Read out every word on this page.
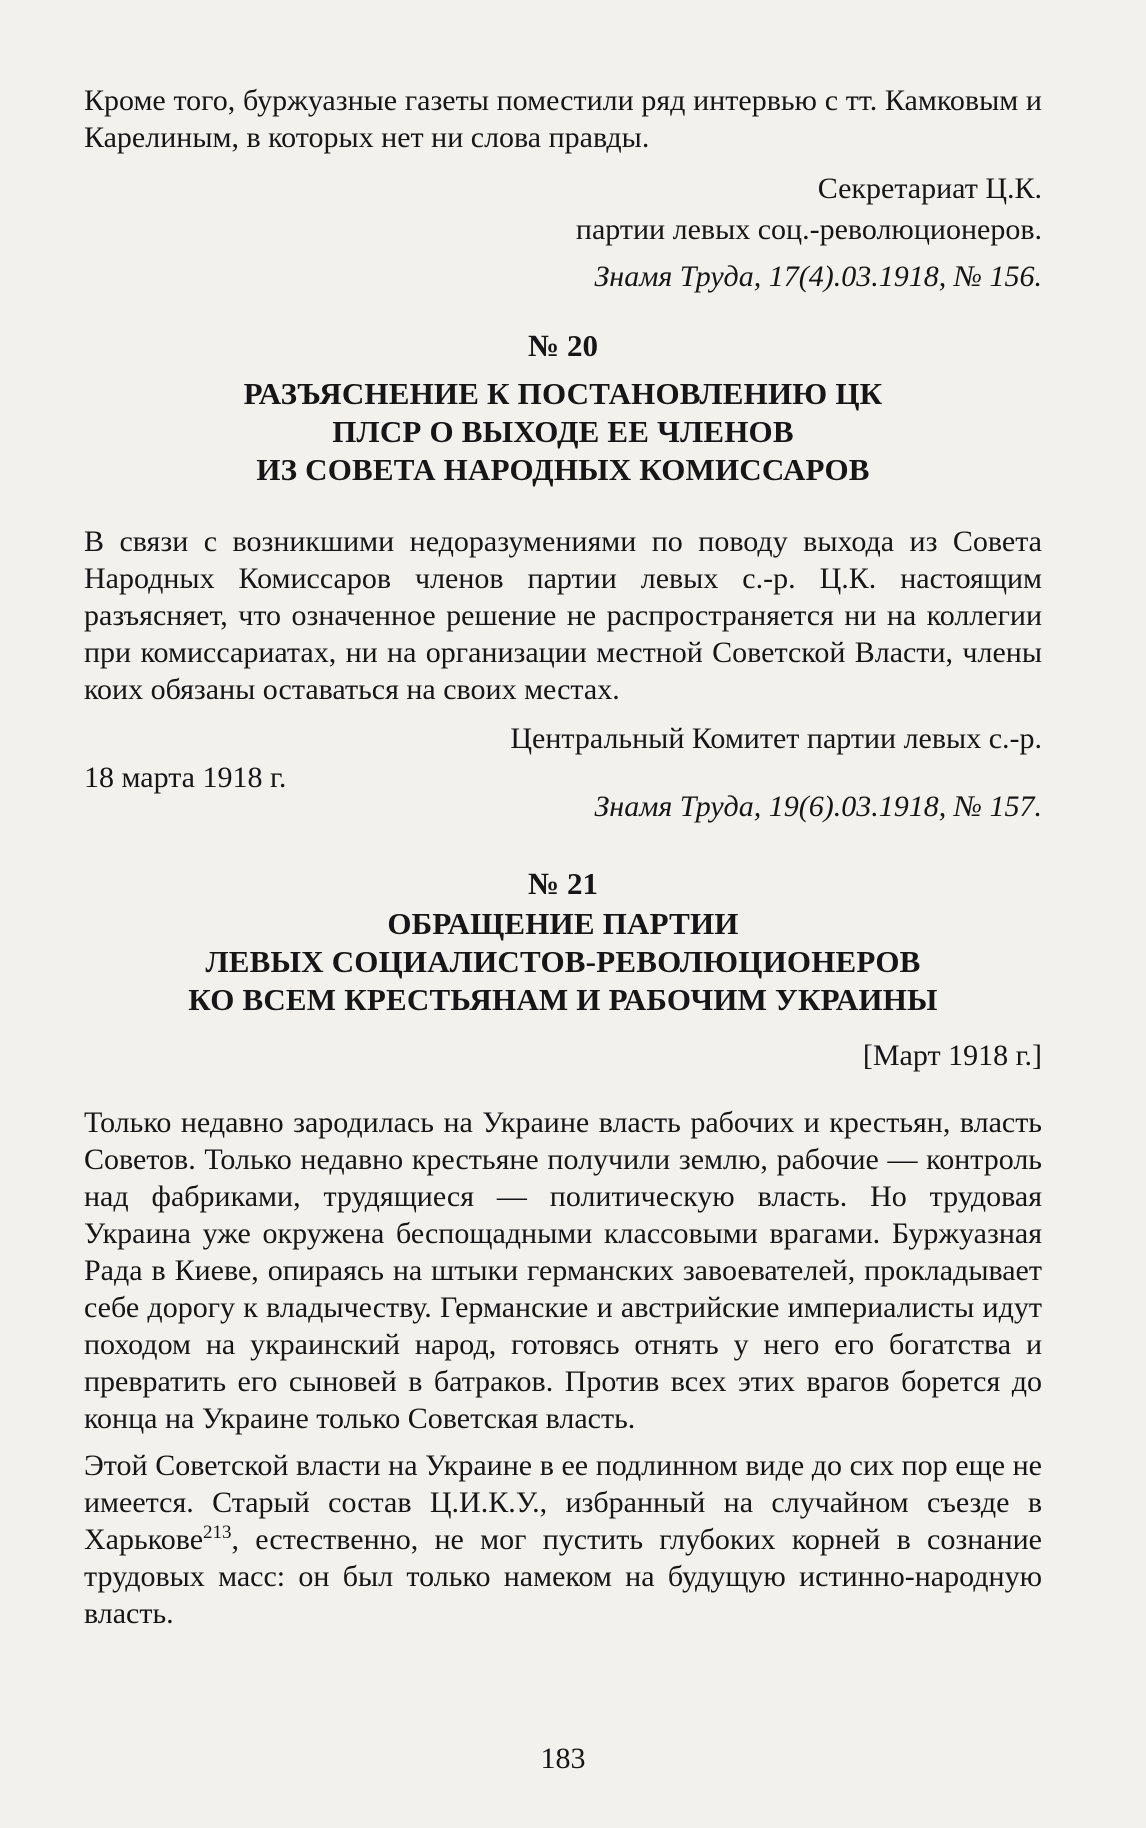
Кроме того, буржуазные газеты поместили ряд интервью с тт. Камковым и Карелиным, в которых нет ни слова правды.

Секретариат Ц.К.

партии левых соц.-революционеров.

Знамя Труда, 17(4).03.1918, № 156.

№ 20

РАЗЪЯСНЕНИЕ К ПОСТАНОВЛЕНИЮ ЦК
ПЛСР О ВЫХОДЕ ЕЕ ЧЛЕНОВ
ИЗ СОВЕТА НАРОДНЫХ КОМИССАРОВ

В связи с возникшими недоразумениями по поводу выхода из Совета Народных Комиссаров членов партии левых с.-р. Ц.К. настоящим разъясняет, что означенное решение не распространяется ни на коллегии при комиссариатах, ни на организации местной Советской Власти, члены коих обязаны оставаться на своих местах.

Центральный Комитет партии левых с.-р.

18 марта 1918 г.

Знамя Труда, 19(6).03.1918, № 157.

№ 21

ОБРАЩЕНИЕ ПАРТИИ
ЛЕВЫХ СОЦИАЛИСТОВ-РЕВОЛЮЦИОНЕРОВ
КО ВСЕМ КРЕСТЬЯНАМ И РАБОЧИМ УКРАИНЫ

[Март 1918 г.]

Только недавно зародилась на Украине власть рабочих и крестьян, власть Советов. Только недавно крестьяне получили землю, рабочие — контроль над фабриками, трудящиеся — политическую власть. Но трудовая Украина уже окружена беспощадными классовыми врагами. Буржуазная Рада в Киеве, опираясь на штыки германских завоевателей, прокладывает себе дорогу к владычеству. Германские и австрийские империалисты идут походом на украинский народ, готовясь отнять у него его богатства и превратить его сыновей в батраков. Против всех этих врагов борется до конца на Украине только Советская власть.

Этой Советской власти на Украине в ее подлинном виде до сих пор еще не имеется. Старый состав Ц.И.К.У., избранный на случайном съезде в Харькове$^{213}$, естественно, не мог пустить глубоких корней в сознание трудовых масс: он был только намеком на будущую истинно-народную власть.

183
